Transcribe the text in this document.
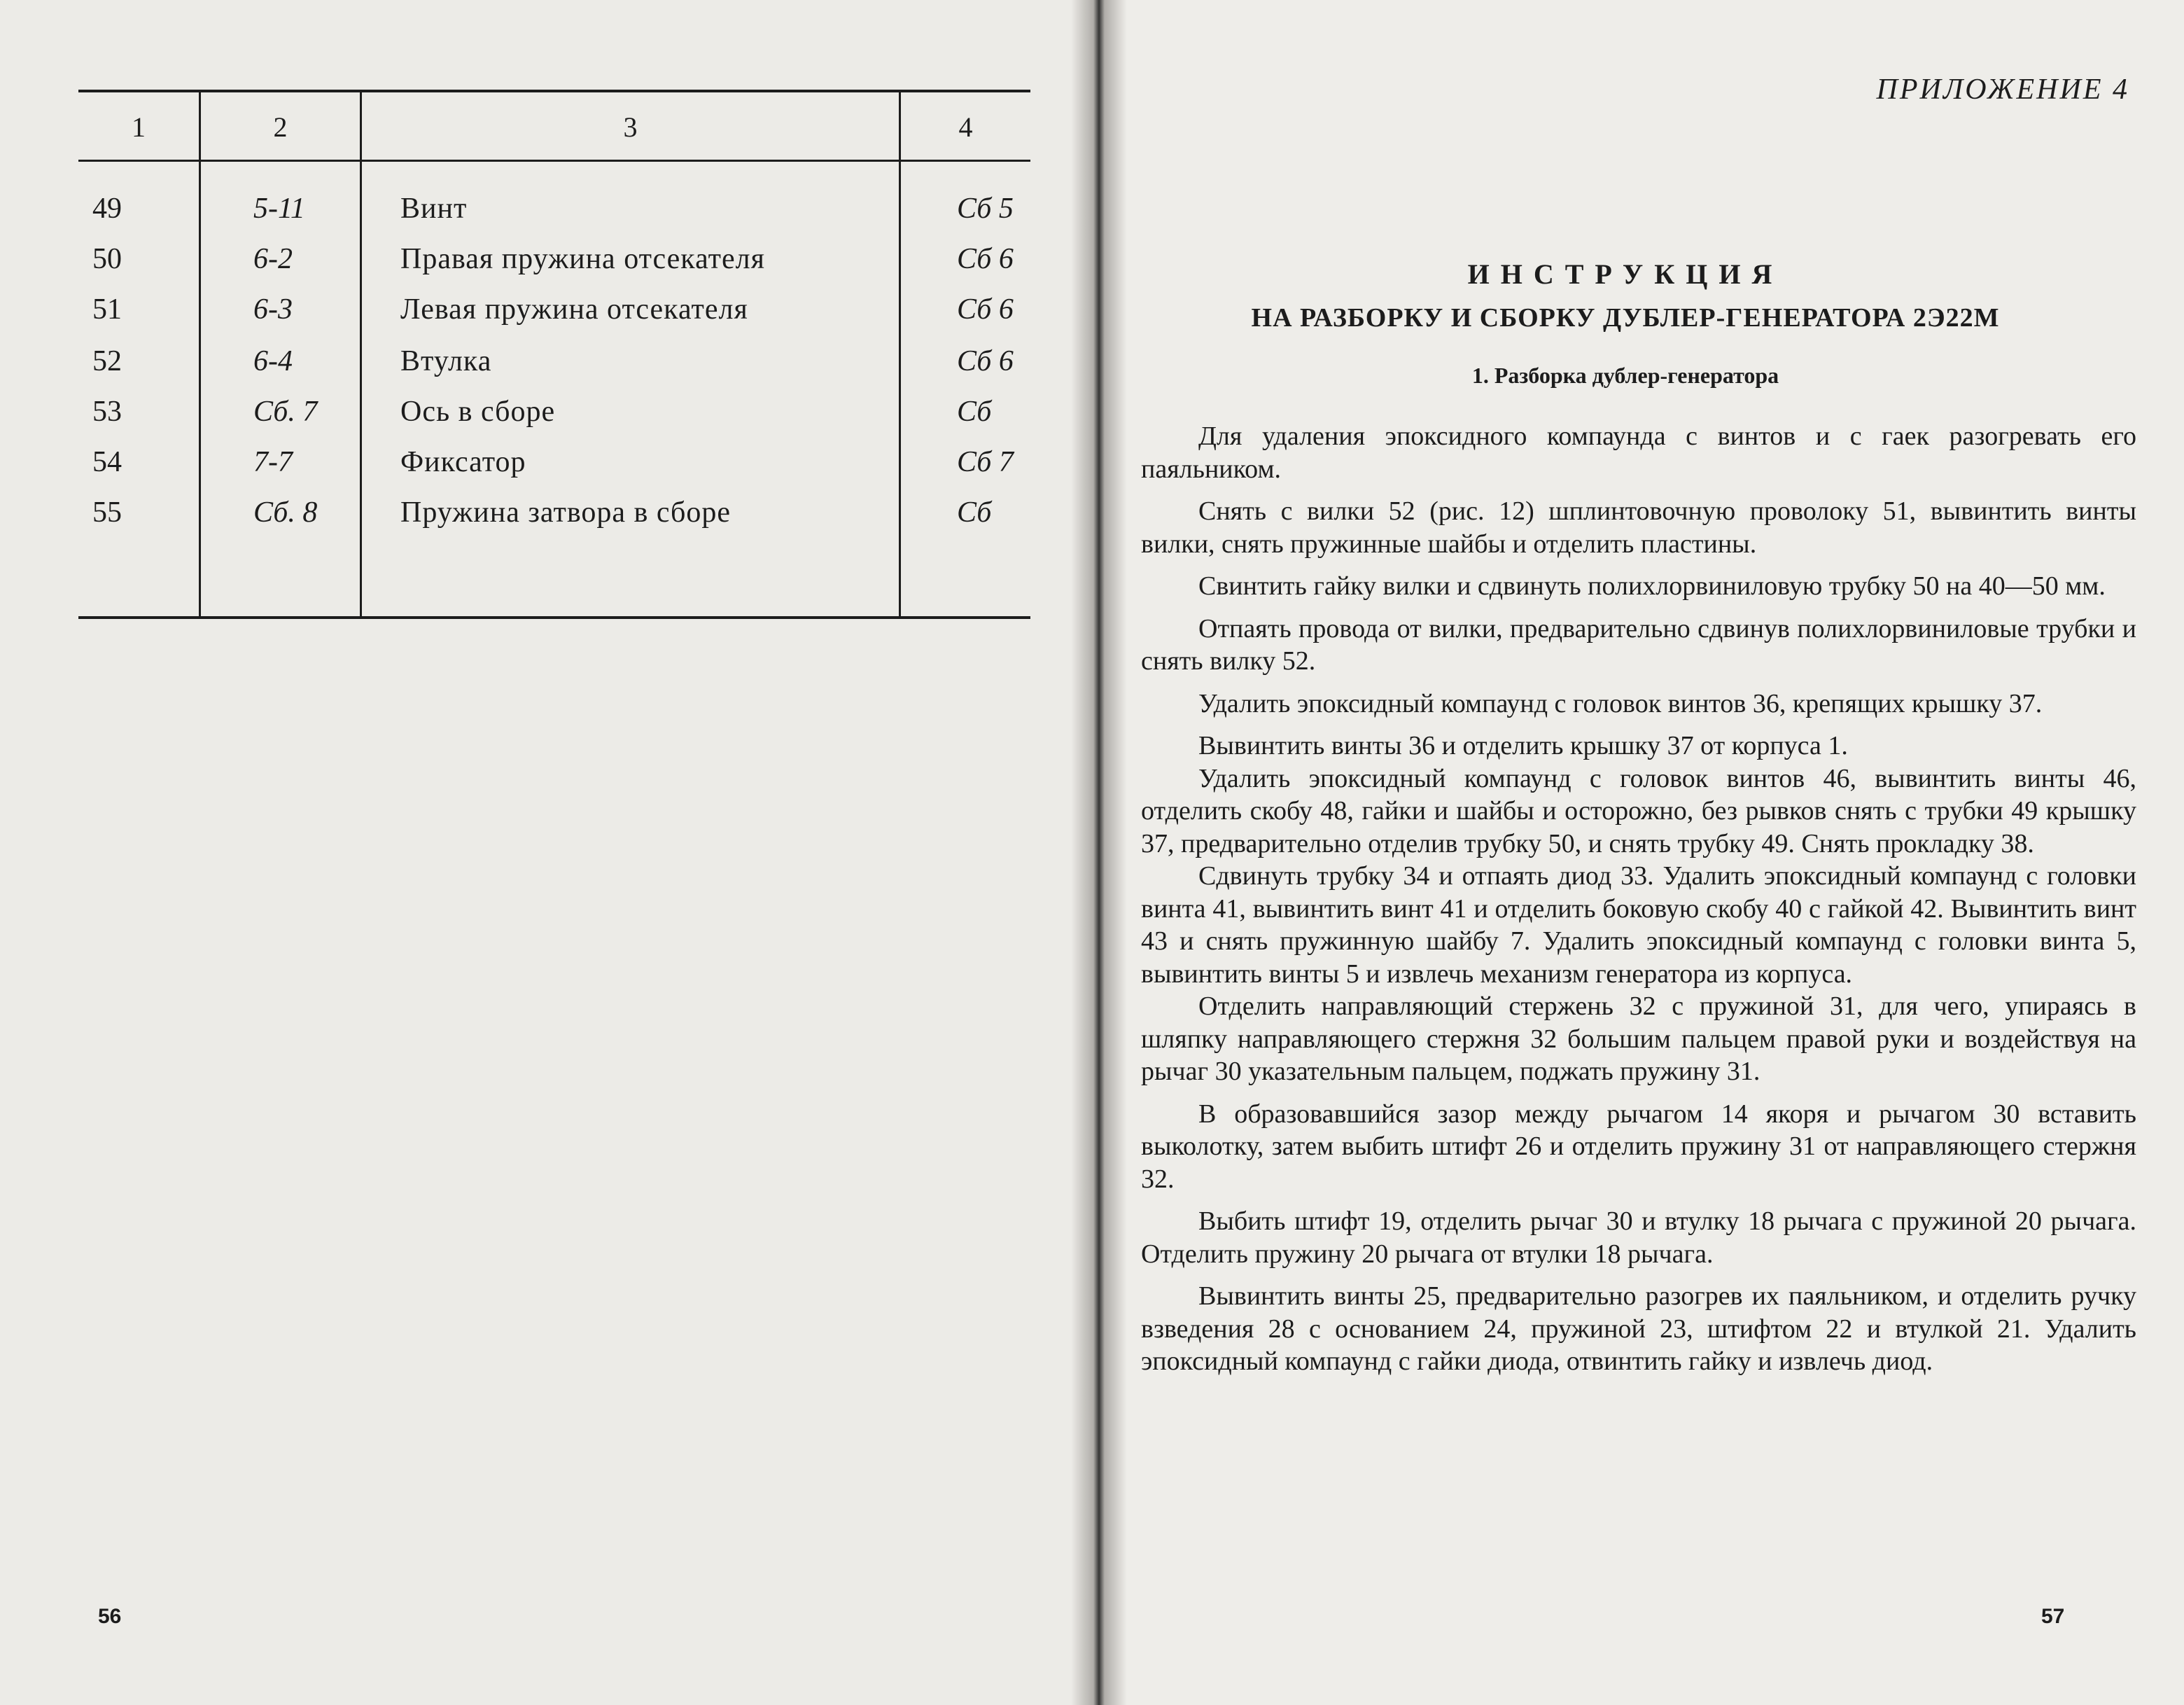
1	2	3	4
49	5-11	Винт	Сб 5
50	6-2	Правая пружина отсекателя	Сб 6
51	6-3	Левая пружина отсекателя	Сб 6
52	6-4	Втулка	Сб 6
53	Сб. 7	Ось в сборе	Сб
54	7-7	Фиксатор	Сб 7
55	Сб. 8	Пружина затвора в сборе	Сб
56
ПРИЛОЖЕНИЕ 4
ИНСТРУКЦИЯ
НА РАЗБОРКУ И СБОРКУ ДУБЛЕР-ГЕНЕРАТОРА 2Э22М
1. Разборка дублер-генератора

Для удаления эпоксидного компаунда с винтов и с гаек разогревать его паяльником.

Снять с вилки 52 (рис. 12) шплинтовочную проволоку 51, вывинтить винты вилки, снять пружинные шайбы и отделить пластины.

Свинтить гайку вилки и сдвинуть полихлорвиниловую трубку 50 на 40—50 мм.

Отпаять провода от вилки, предварительно сдвинув полихлорвиниловые трубки и снять вилку 52.

Удалить эпоксидный компаунд с головок винтов 36, крепящих крышку 37.

Вывинтить винты 36 и отделить крышку 37 от корпуса 1.

Удалить эпоксидный компаунд с головок винтов 46, вывинтить винты 46, отделить скобу 48, гайки и шайбы и осторожно, без рывков снять с трубки 49 крышку 37, предварительно отделив трубку 50, и снять трубку 49. Снять прокладку 38.

Сдвинуть трубку 34 и отпаять диод 33. Удалить эпоксидный компаунд с головки винта 41, вывинтить винт 41 и отделить боковую скобу 40 с гайкой 42. Вывинтить винт 43 и снять пружинную шайбу 7. Удалить эпоксидный компаунд с головки винта 5, вывинтить винты 5 и извлечь механизм генератора из корпуса.

Отделить направляющий стержень 32 с пружиной 31, для чего, упираясь в шляпку направляющего стержня 32 большим пальцем правой руки и воздействуя на рычаг 30 указательным пальцем, поджать пружину 31.

В образовавшийся зазор между рычагом 14 якоря и рычагом 30 вставить выколотку, затем выбить штифт 26 и отделить пружину 31 от направляющего стержня 32.

Выбить штифт 19, отделить рычаг 30 и втулку 18 рычага с пружиной 20 рычага. Отделить пружину 20 рычага от втулки 18 рычага.

Вывинтить винты 25, предварительно разогрев их паяльником, и отделить ручку взведения 28 с основанием 24, пружиной 23, штифтом 22 и втулкой 21. Удалить эпоксидный компаунд с гайки диода, отвинтить гайку и извлечь диод.

57
